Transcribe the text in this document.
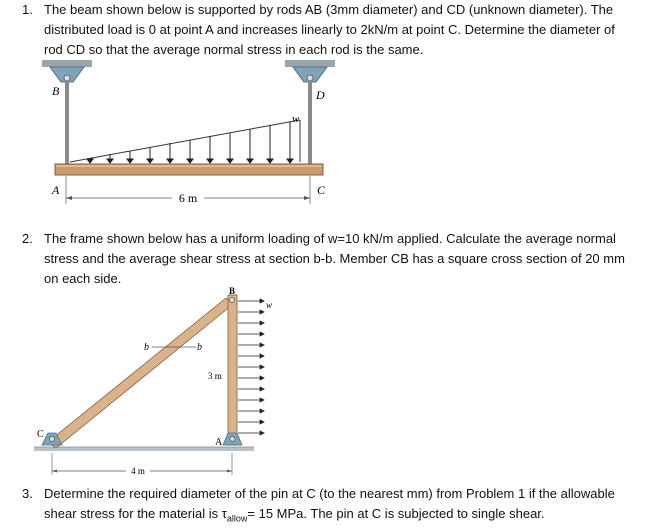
1. The beam shown below is supported by rods AB (3mm diameter) and CD (unknown diameter). The
distributed load is 0 at point A and increases linearly to 2kN/m at point C. Determine the diameter of
rod CD so that the average normal stress in each rod is the same.
6 m
B	D
A	C
w
2. The frame shown below has a uniform loading of w=10 kN/m applied. Calculate the average normal
stress and the average shear stress at section b-b. Member CB has a square cross section of 20 mm
on each side.
b	b
B
w
3 m
C
A
4 m
3. Determine the required diameter of the pin at C (to the nearest mm) from Problem 1 if the allowable
shear stress for the material is $\tau_{allow}= 15$ MPa. The pin at C is subjected to single shear.
